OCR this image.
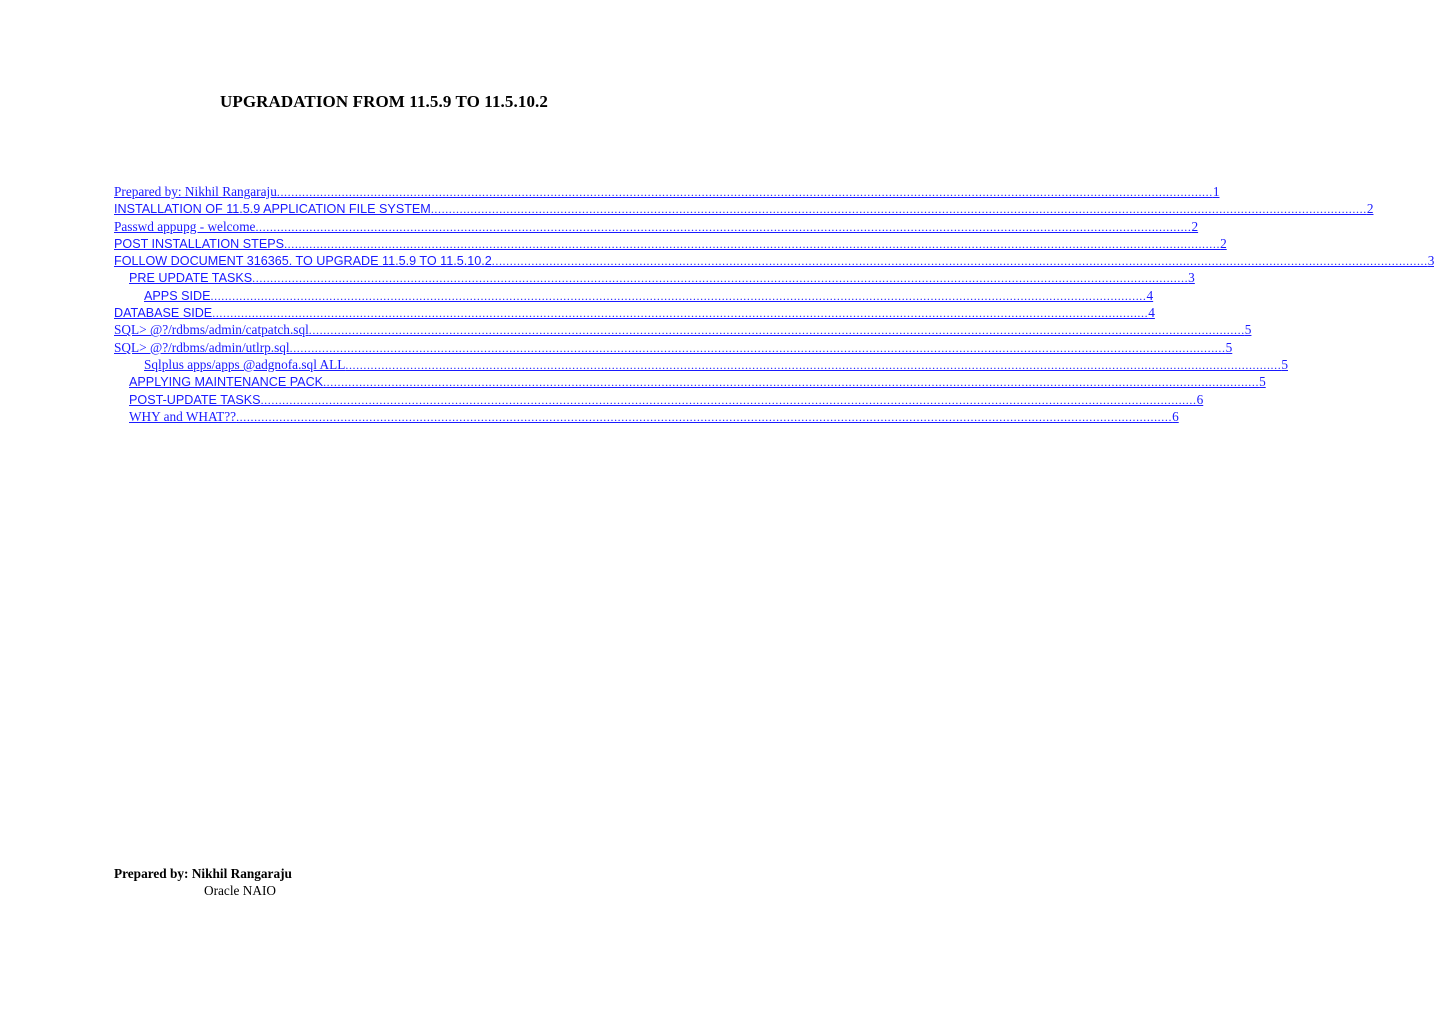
UPGRADATION FROM 11.5.9 TO 11.5.10.2
Prepared by: Nikhil Rangaraju .................................................................................................................................................................................................................................................................... 1
INSTALLATION OF 11.5.9 APPLICATION FILE SYSTEM .................................................................................................................................................................................................................................................................... 2
Passwd appupg - welcome .................................................................................................................................................................................................................................................................... 2
POST INSTALLATION STEPS .................................................................................................................................................................................................................................................................... 2
FOLLOW DOCUMENT 316365. TO UPGRADE 11.5.9 TO 11.5.10.2 .................................................................................................................................................................................................................................................................... 3
PRE UPDATE TASKS .................................................................................................................................................................................................................................................................... 3
APPS SIDE .................................................................................................................................................................................................................................................................... 4
DATABASE SIDE .................................................................................................................................................................................................................................................................... 4
SQL> @?/rdbms/admin/catpatch.sql .................................................................................................................................................................................................................................................................... 5
SQL> @?/rdbms/admin/utlrp.sql .................................................................................................................................................................................................................................................................... 5
Sqlplus apps/apps @adgnofa.sql ALL .................................................................................................................................................................................................................................................................... 5
APPLYING MAINTENANCE PACK .................................................................................................................................................................................................................................................................... 5
POST-UPDATE TASKS .................................................................................................................................................................................................................................................................... 6
WHY and WHAT?? .................................................................................................................................................................................................................................................................... 6
Prepared by: Nikhil Rangaraju
Oracle NAIO
